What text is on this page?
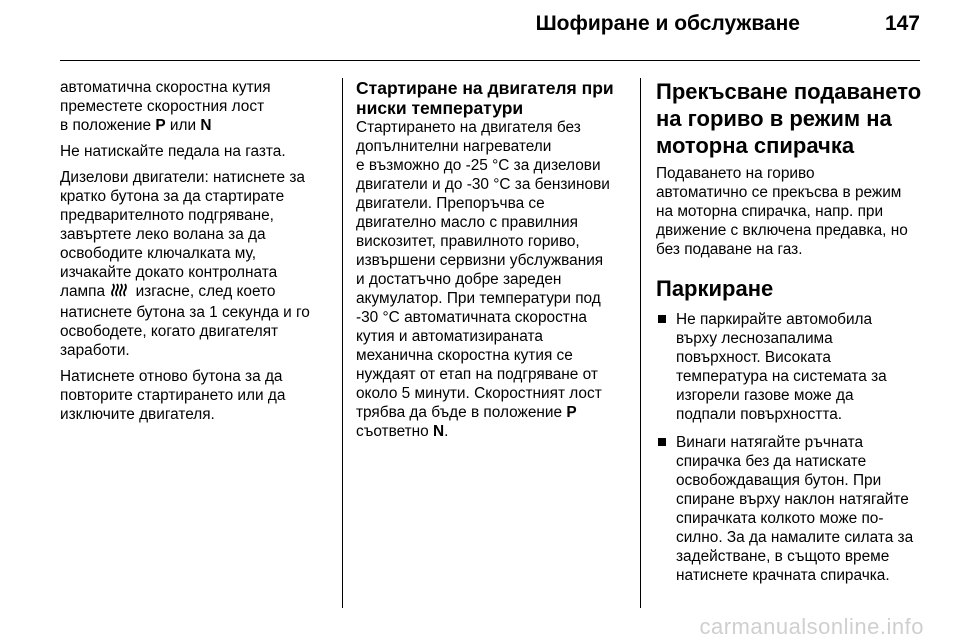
Шофиране и обслужване	147

автоматична скоростна кутия
преместете скоростния лост
в положение P или N

Не натискайте педала на газта.

Дизелови двигатели: натиснете за
кратко бутона за да стартирате
предварителното подгряване,
завъртете леко волана за да
освободите ключалката му,
изчакайте докато контролната
лампа  изгасне, след което
натиснете бутона за 1 секунда и го
освободете, когато двигателят
заработи.

Натиснете отново бутона за да
повторите стартирането или да
изключите двигателя.

Стартиране на двигателя при
ниски температури

Стартирането на двигателя без
допълнителни нагреватели
е възможно до -25 °C за дизелови
двигатели и до -30 °C за бензинови
двигатели. Препоръчва се
двигателно масло с правилния
вискозитет, правилното гориво,
извършени сервизни убслужвания
и достатъчно добре зареден
акумулатор. При температури под
-30 °C автоматичната скоростна
кутия и автоматизираната
механична скоростна кутия се
нуждаят от етап на подгряване от
около 5 минути. Скоростният лост
трябва да бъде в положение P
съответно N.

Прекъсване подаването
на гориво в режим на
моторна спирачка

Подаването на гориво
автоматично се прекъсва в режим
на моторна спирачка, напр. при
движение с включена предавка, но
без подаване на газ.

Паркиране
Не паркирайте автомобила
върху леснозапалима
повърхност. Високата
температура на системата за
изгорели газове може да
подпали повърхността.
Винаги натягайте ръчната
спирачка без да натискате
освобождаващия бутон. При
спиране върху наклон натягайте
спирачката колкото може по-
силно. За да намалите силата за
задействане, в същото време
натиснете крачната спирачка.
carmanualsonline.info
